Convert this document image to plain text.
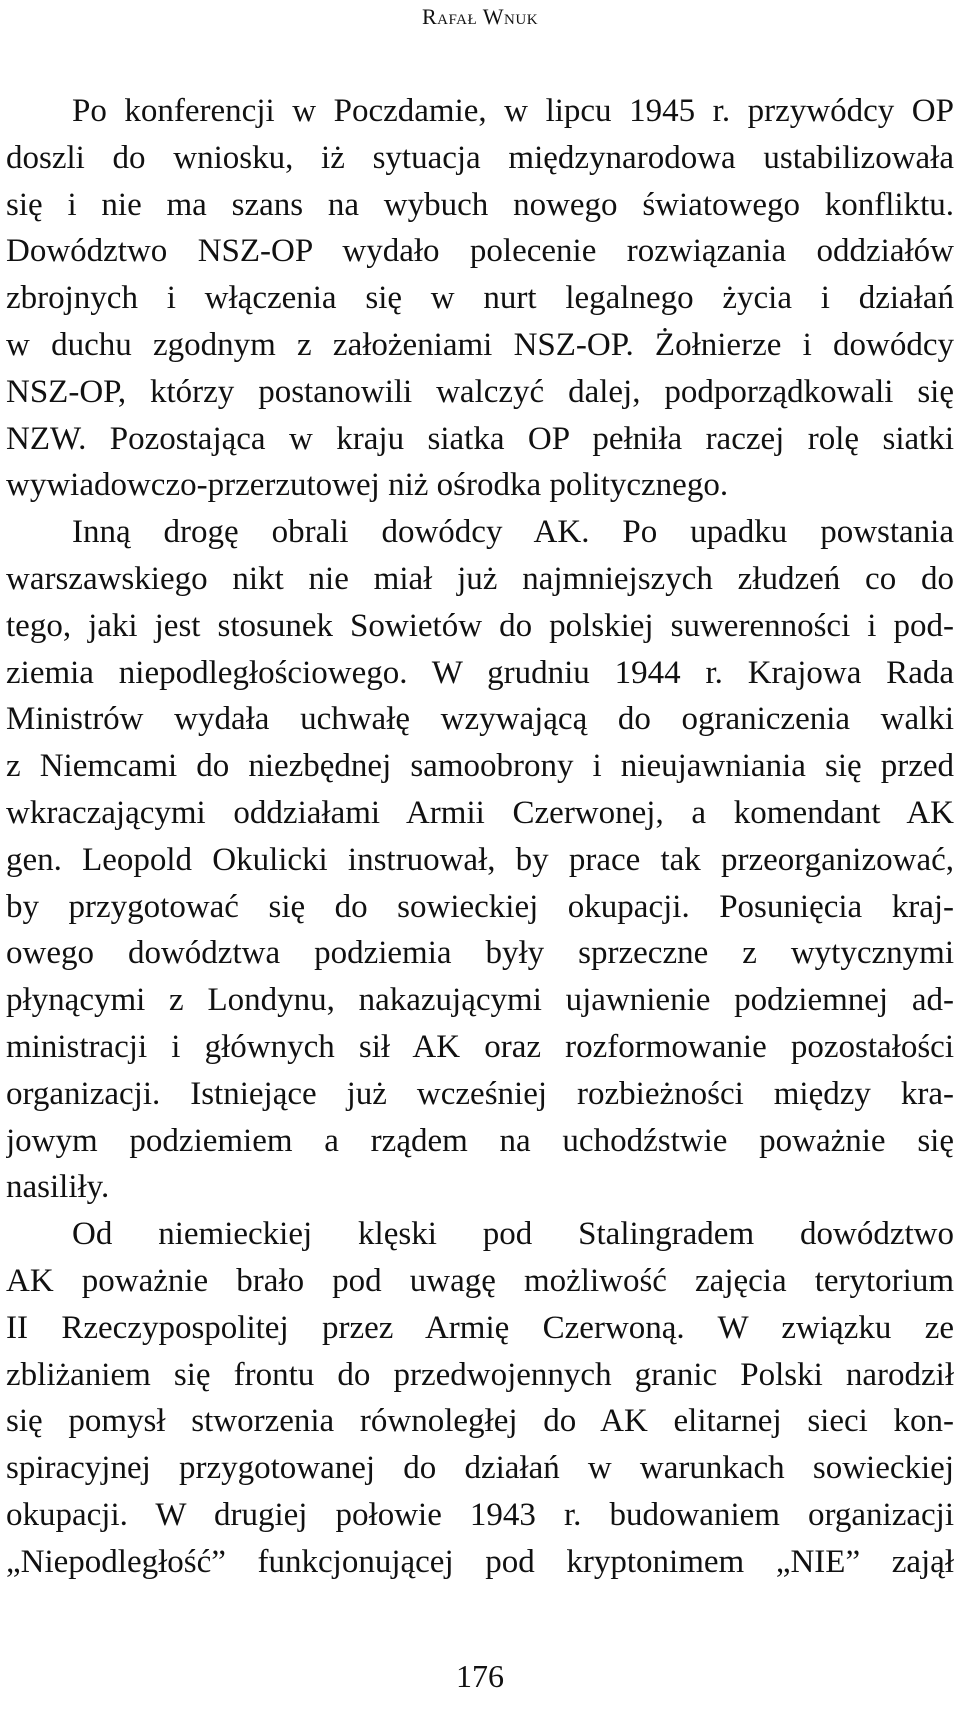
Rafał Wnuk
Po konferencji w Poczdamie, w lipcu 1945 r. przywódcy OP
doszli do wniosku, iż sytuacja międzynarodowa ustabilizowała
się i nie ma szans na wybuch nowego światowego konfliktu.
Dowództwo NSZ-OP wydało polecenie rozwiązania oddziałów
zbrojnych i włączenia się w nurt legalnego życia i działań
w duchu zgodnym z założeniami NSZ-OP. Żołnierze i dowódcy
NSZ-OP, którzy postanowili walczyć dalej, podporządkowali się
NZW. Pozostająca w kraju siatka OP pełniła raczej rolę siatki
wywiadowczo-przerzutowej niż ośrodka politycznego.
Inną drogę obrali dowódcy AK. Po upadku powstania
warszawskiego nikt nie miał już najmniejszych złudzeń co do
tego, jaki jest stosunek Sowietów do polskiej suwerenności i pod-
ziemia niepodległościowego. W grudniu 1944 r. Krajowa Rada
Ministrów wydała uchwałę wzywającą do ograniczenia walki
z Niemcami do niezbędnej samoobrony i nieujawniania się przed
wkraczającymi oddziałami Armii Czerwonej, a komendant AK
gen. Leopold Okulicki instruował, by prace tak przeorganizować,
by przygotować się do sowieckiej okupacji. Posunięcia kraj-
owego dowództwa podziemia były sprzeczne z wytycznymi
płynącymi z Londynu, nakazującymi ujawnienie podziemnej ad-
ministracji i głównych sił AK oraz rozformowanie pozostałości
organizacji. Istniejące już wcześniej rozbieżności między kra-
jowym podziemiem a rządem na uchodźstwie poważnie się
nasiliły.
Od niemieckiej klęski pod Stalingradem dowództwo
AK poważnie brało pod uwagę możliwość zajęcia terytorium
II Rzeczypospolitej przez Armię Czerwoną. W związku ze
zbliżaniem się frontu do przedwojennych granic Polski narodził
się pomysł stworzenia równoległej do AK elitarnej sieci kon-
spiracyjnej przygotowanej do działań w warunkach sowieckiej
okupacji. W drugiej połowie 1943 r. budowaniem organizacji
„Niepodległość” funkcjonującej pod kryptonimem „NIE” zajął
176
